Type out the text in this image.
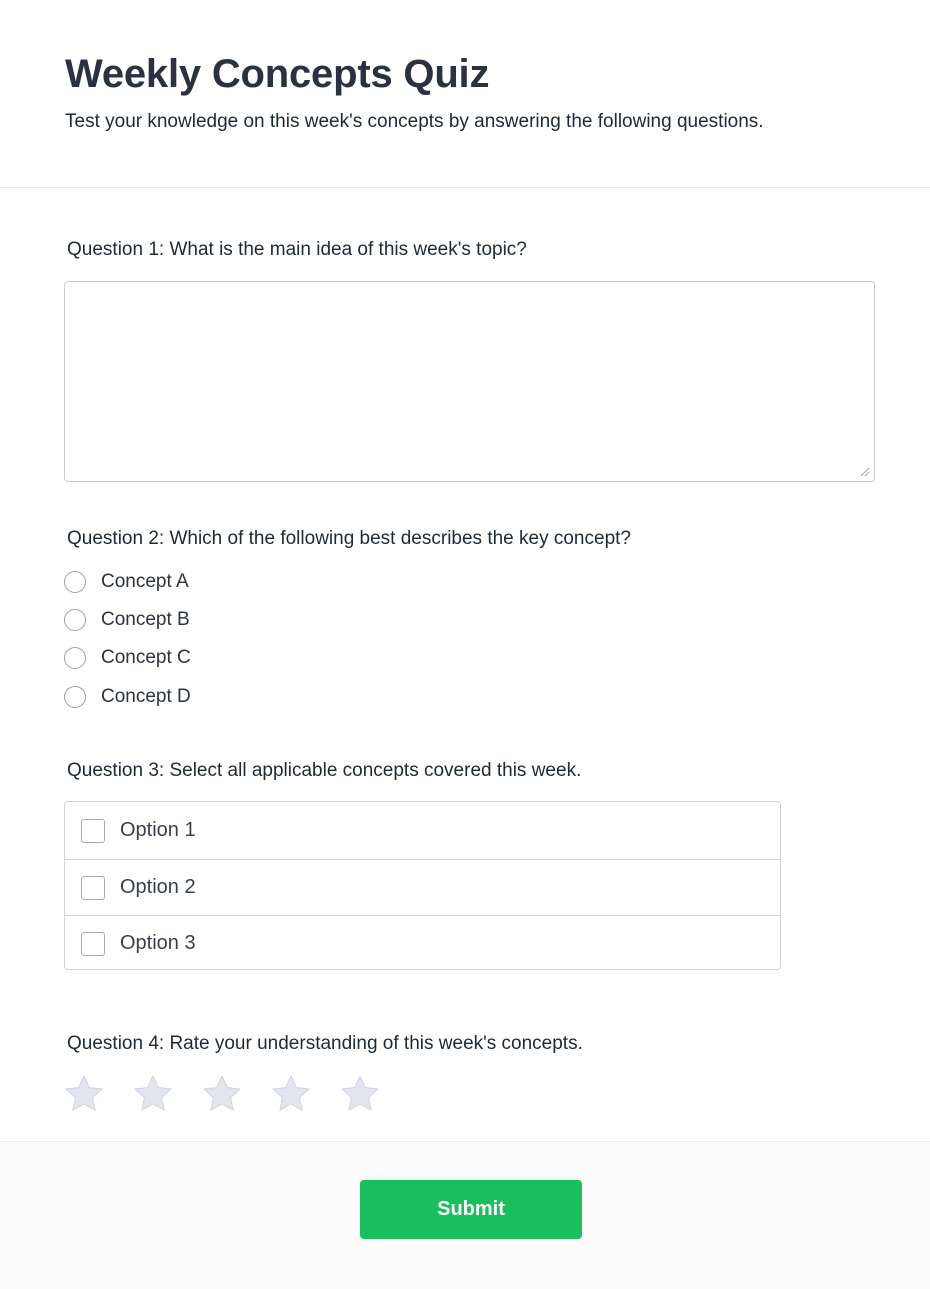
Weekly Concepts Quiz

Test your knowledge on this week's concepts by answering the following questions.

Question 1: What is the main idea of this week's topic?

Question 2: Which of the following best describes the key concept?

Concept A
Concept B
Concept C
Concept D

Question 3: Select all applicable concepts covered this week.

Option 1
Option 2
Option 3

Question 4: Rate your understanding of this week's concepts.

Submit
